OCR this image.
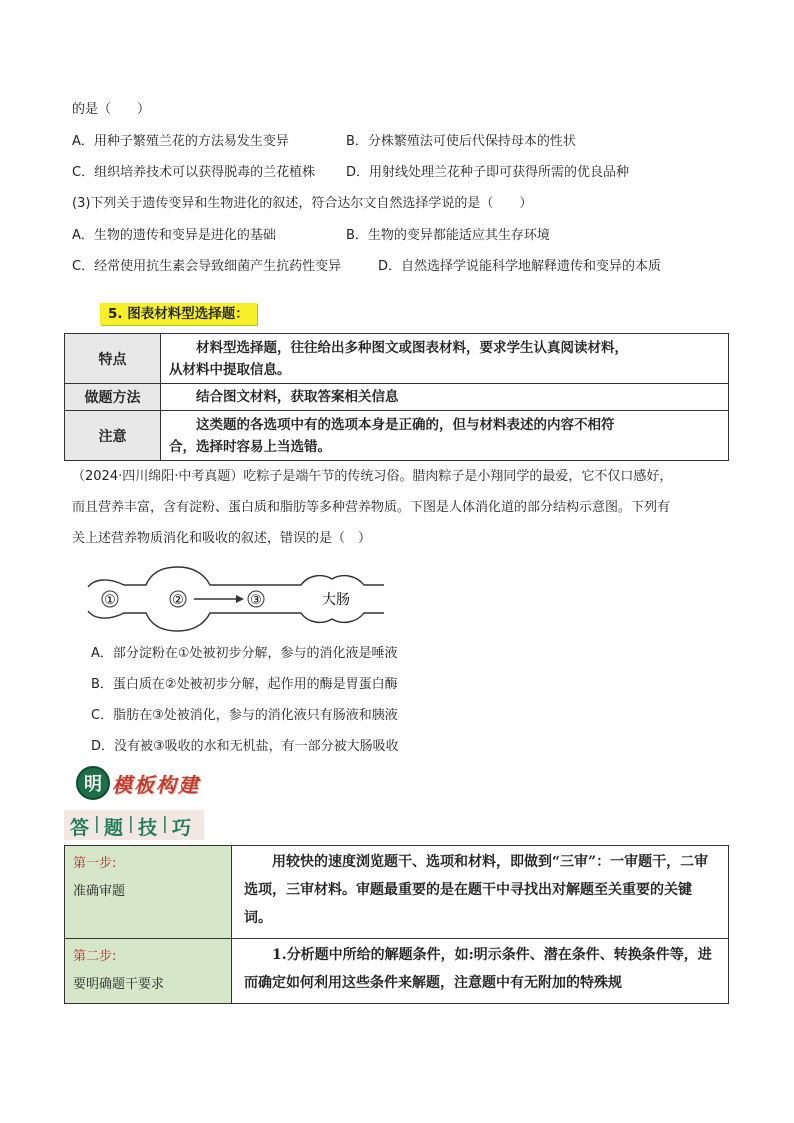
的是（　　）
A．用种子繁殖兰花的方法易发生变异	B．分株繁殖法可使后代保持母本的性状
C．组织培养技术可以获得脱毒的兰花植株 D．用射线处理兰花种子即可获得所需的优良品种
(3)下列关于遗传变异和生物进化的叙述，符合达尔文自然选择学说的是（　　）
A．生物的遗传和变异是进化的基础	B．生物的变异都能适应其生存环境
C．经常使用抗生素会导致细菌产生抗药性变异	D．自然选择学说能科学地解释遗传和变异的本质
5. 图表材料型选择题：
特点	材料型选择题，往往给出多种图文或图表材料，要求学生认真阅读材料，
从材料中提取信息。

做题方法	结合图文材料，获取答案相关信息

注意	这类题的各选项中有的选项本身是正确的，但与材料表述的内容不相符
合，选择时容易上当选错。
（2024·四川绵阳·中考真题）吃粽子是端午节的传统习俗。腊肉粽子是小翔同学的最爱，它不仅口感好，
而且营养丰富，含有淀粉、蛋白质和脂肪等多种营养物质。下图是人体消化道的部分结构示意图。下列有
关上述营养物质消化和吸收的叙述，错误的是（　）
①	②	③	大肠
A．部分淀粉在①处被初步分解，参与的消化液是唾液
B．蛋白质在②处被初步分解，起作用的酶是胃蛋白酶
C．脂肪在③处被消化，参与的消化液只有肠液和胰液
D．没有被③吸收的水和无机盐，有一部分被大肠吸收
明 模板构建
答 | 题 | 技 | 巧
第一步:
准确审题	用较快的速度浏览题干、选项和材料，即做到“三审”：一审题干，二审选项，三审材料。审题最重要的是在题干中寻找出对解题至关重要的关键词。

第二步:
要明确题干要求	1.分析题中所给的解题条件，如:明示条件、潜在条件、转换条件等，进而确定如何利用这些条件来解题，注意题中有无附加的特殊规
